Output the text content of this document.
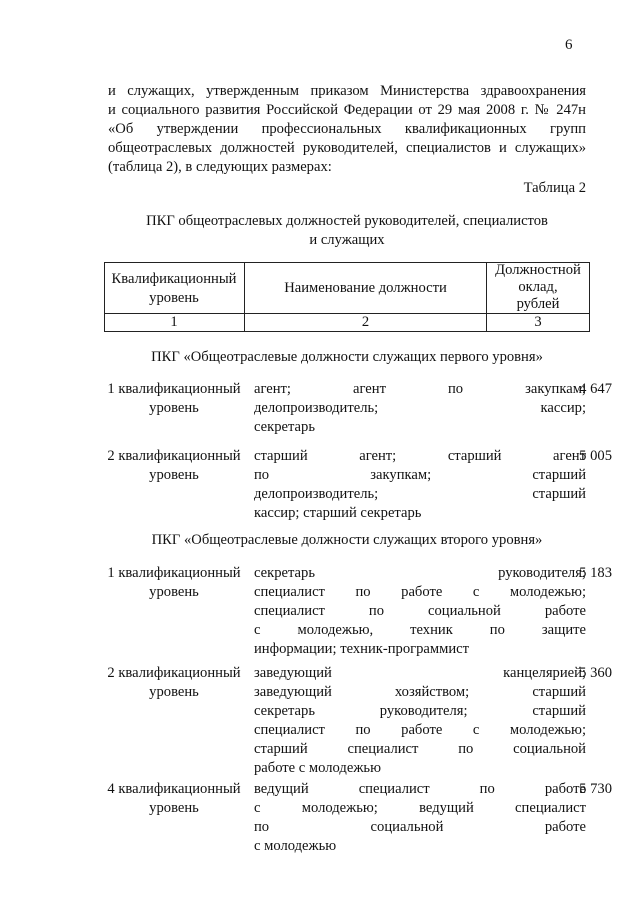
6
и служащих, утвержденным приказом Министерства здравоохранения
и социального развития Российской Федерации от 29 мая 2008 г. № 247н
«Об утверждении профессиональных квалификационных групп
общеотраслевых должностей руководителей, специалистов и служащих»
(таблица 2), в следующих размерах:
Таблица 2
ПКГ общеотраслевых должностей руководителей, специалистов
и служащих
Квалификационный
уровень
Наименование должности
Должностной
оклад,
рублей
1	2	3
ПКГ «Общеотраслевые должности служащих первого уровня»
1 квалификационный
уровень
агент; агент по закупкам;
делопроизводитель; кассир;
секретарь
4 647
2 квалификационный
уровень
старший агент; старший агент
по закупкам; старший
делопроизводитель; старший
кассир; старший секретарь
5 005
ПКГ «Общеотраслевые должности служащих второго уровня»
1 квалификационный
уровень
секретарь руководителя;
специалист по работе с молодежью;
специалист по социальной работе
с молодежью, техник по защите
информации; техник-программист
5 183
2 квалификационный
уровень
заведующий канцелярией;
заведующий хозяйством; старший
секретарь руководителя; старший
специалист по работе с молодежью;
старший специалист по социальной
работе с молодежью
5 360
4 квалификационный
уровень
ведущий специалист по работе
с молодежью; ведущий специалист
по социальной работе
с молодежью
5 730
